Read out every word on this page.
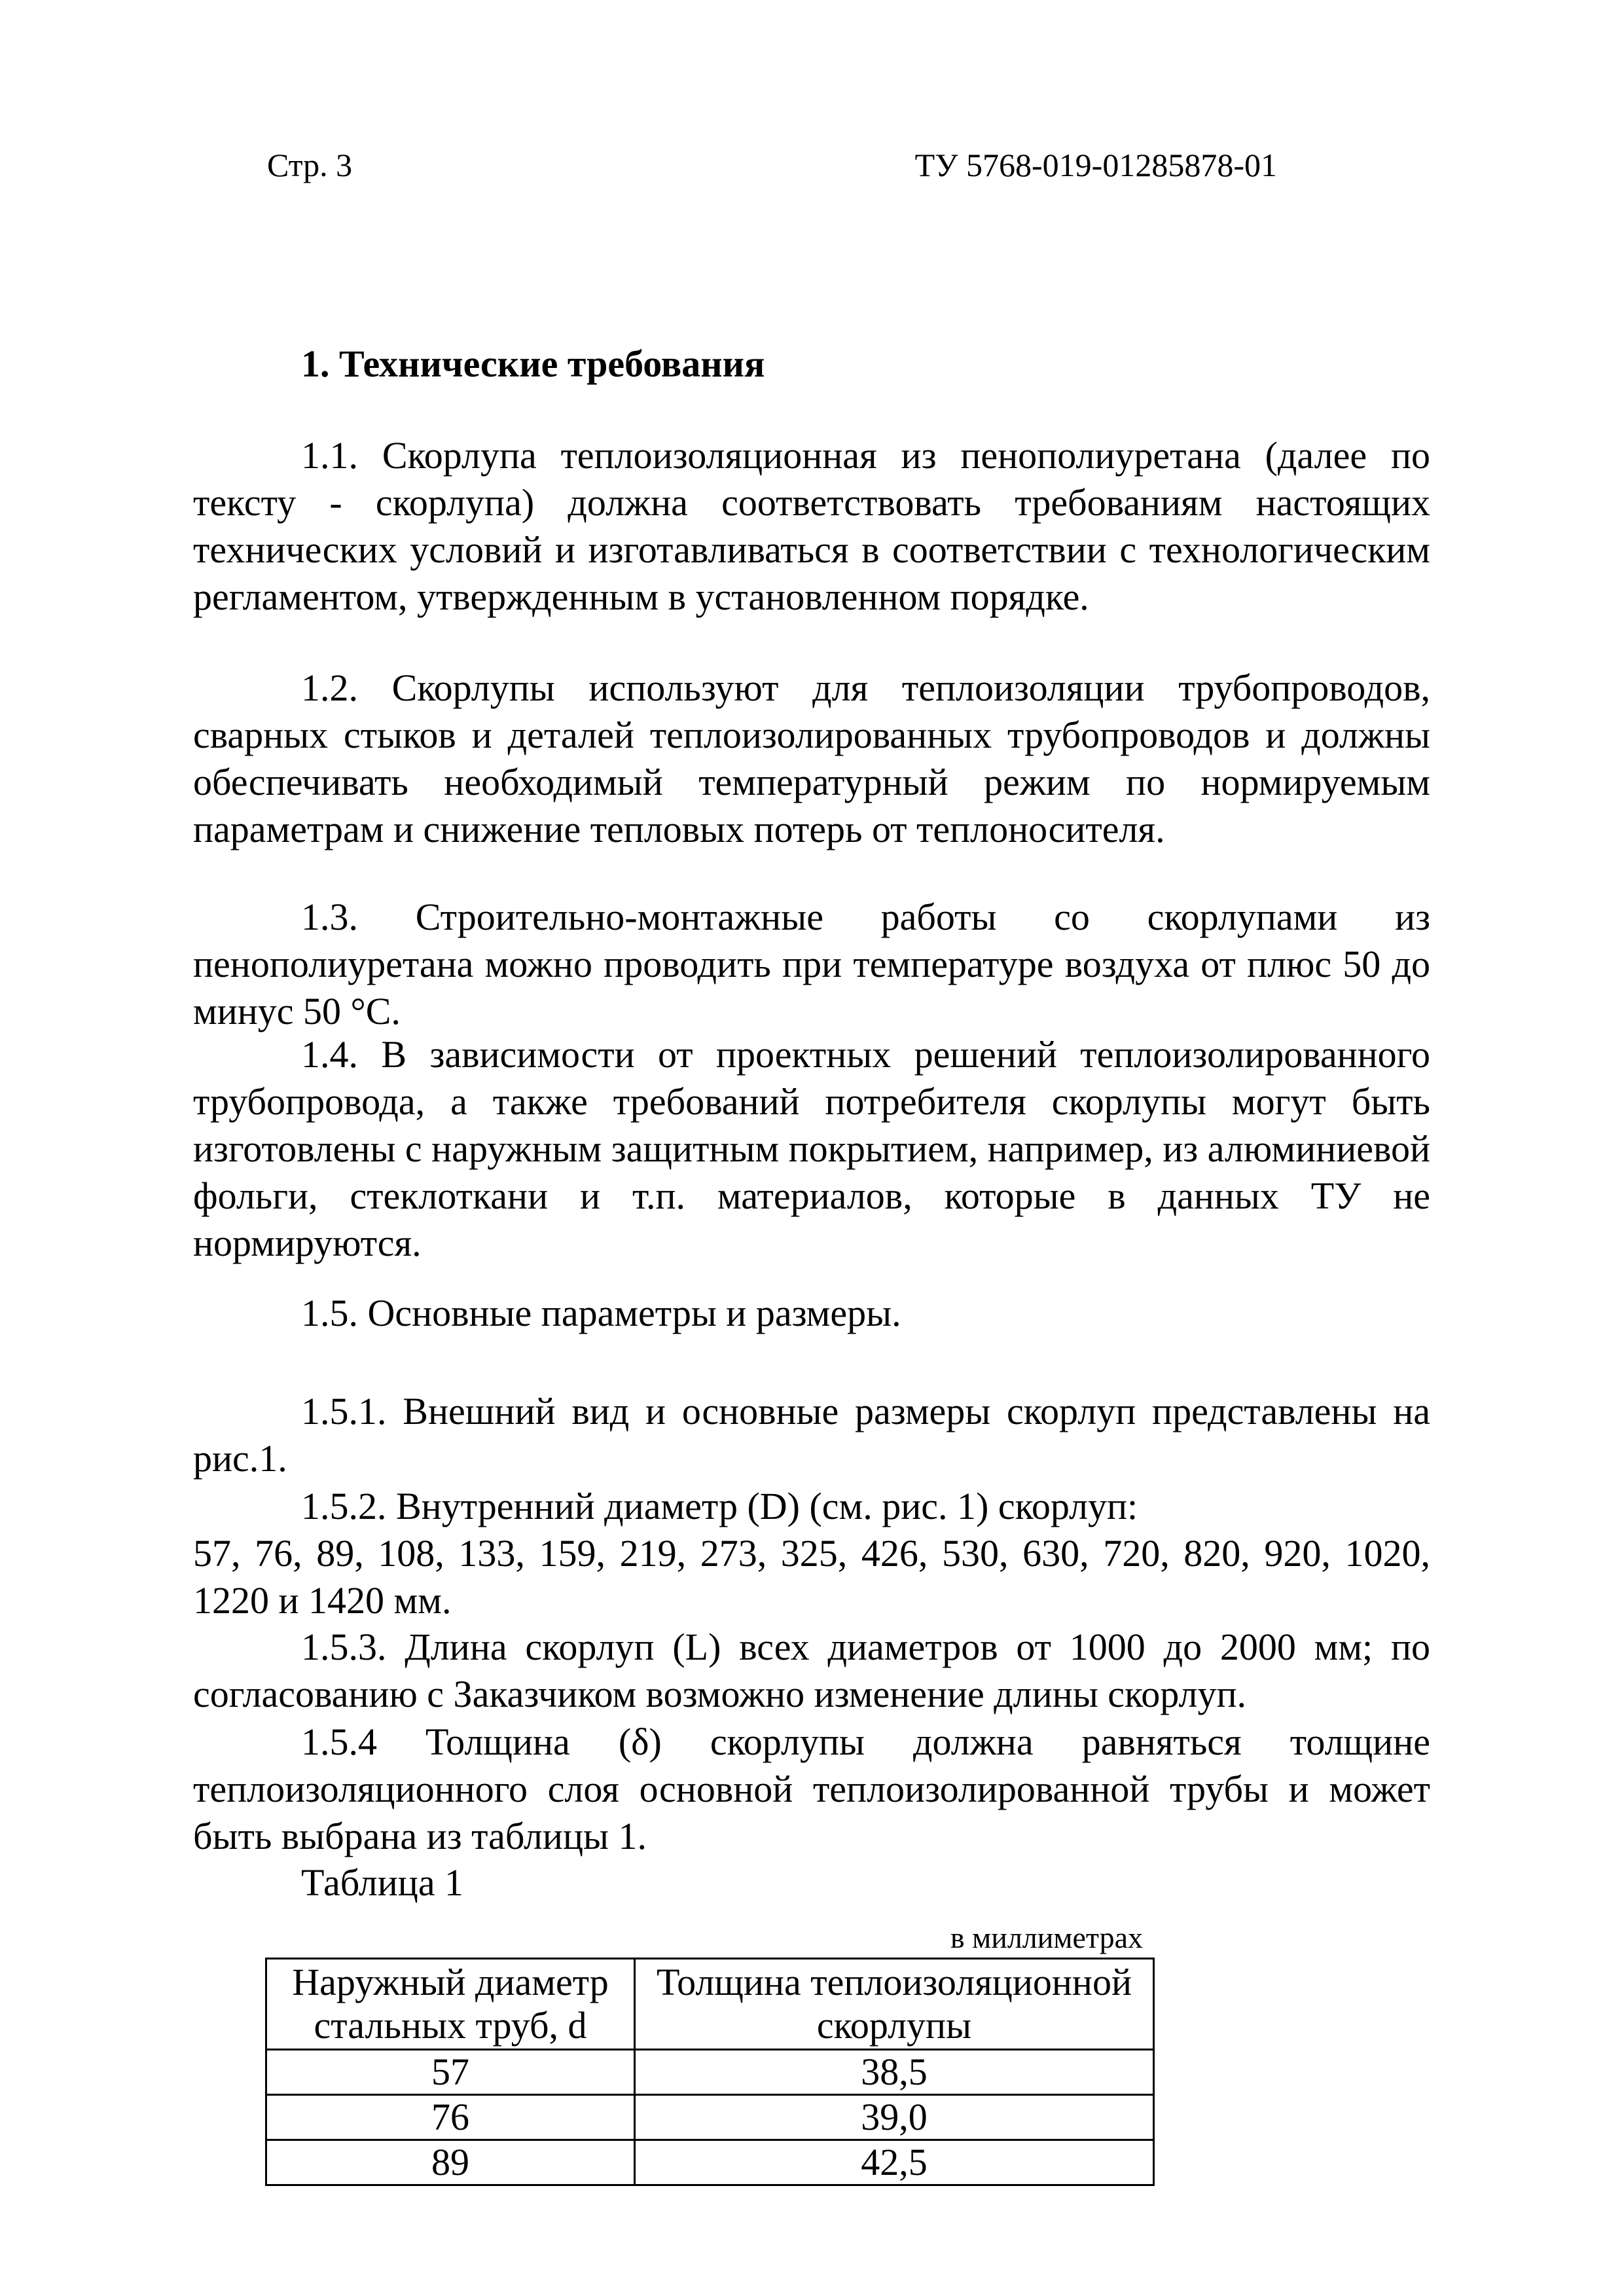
Стр. 3	ТУ 5768-019-01285878-01
1. Технические требования

1.1. Скорлупа теплоизоляционная из пенополиуретана (далее по тексту - скорлупа) должна соответствовать требованиям настоящих технических условий и изготавливаться в соответствии с технологическим регламентом, утвержденным в установленном порядке.

1.2. Скорлупы используют для теплоизоляции трубопроводов, сварных стыков и деталей теплоизолированных трубопроводов и должны обеспечивать необходимый температурный режим по нормируемым параметрам и снижение тепловых потерь от теплоносителя.

1.3. Строительно-монтажные работы со скорлупами из пенополиуретана можно проводить при температуре воздуха от плюс 50 до минус 50 °С.

1.4. В зависимости от проектных решений теплоизолированного трубопровода, а также требований потребителя скорлупы могут быть изготовлены с наружным защитным покрытием, например, из алюминиевой фольги, стеклоткани и т.п. материалов, которые в данных ТУ не нормируются.

1.5. Основные параметры и размеры.

1.5.1. Внешний вид и основные размеры скорлуп представлены на рис.1.

1.5.2. Внутренний диаметр (D) (см. рис. 1) скорлуп:

57, 76, 89, 108, 133, 159, 219, 273, 325, 426, 530, 630, 720, 820, 920, 1020, 1220 и 1420 мм.

1.5.3. Длина скорлуп (L) всех диаметров от 1000 до 2000 мм; по согласованию с Заказчиком возможно изменение длины скорлуп.

1.5.4 Толщина (δ) скорлупы должна равняться толщине теплоизоляционного слоя основной теплоизолированной трубы и может быть выбрана из таблицы 1.

Таблица 1
в миллиметрах
Наружный диаметр стальных труб, d	Толщина теплоизоляционной скорлупы
57	38,5
76	39,0
89	42,5
